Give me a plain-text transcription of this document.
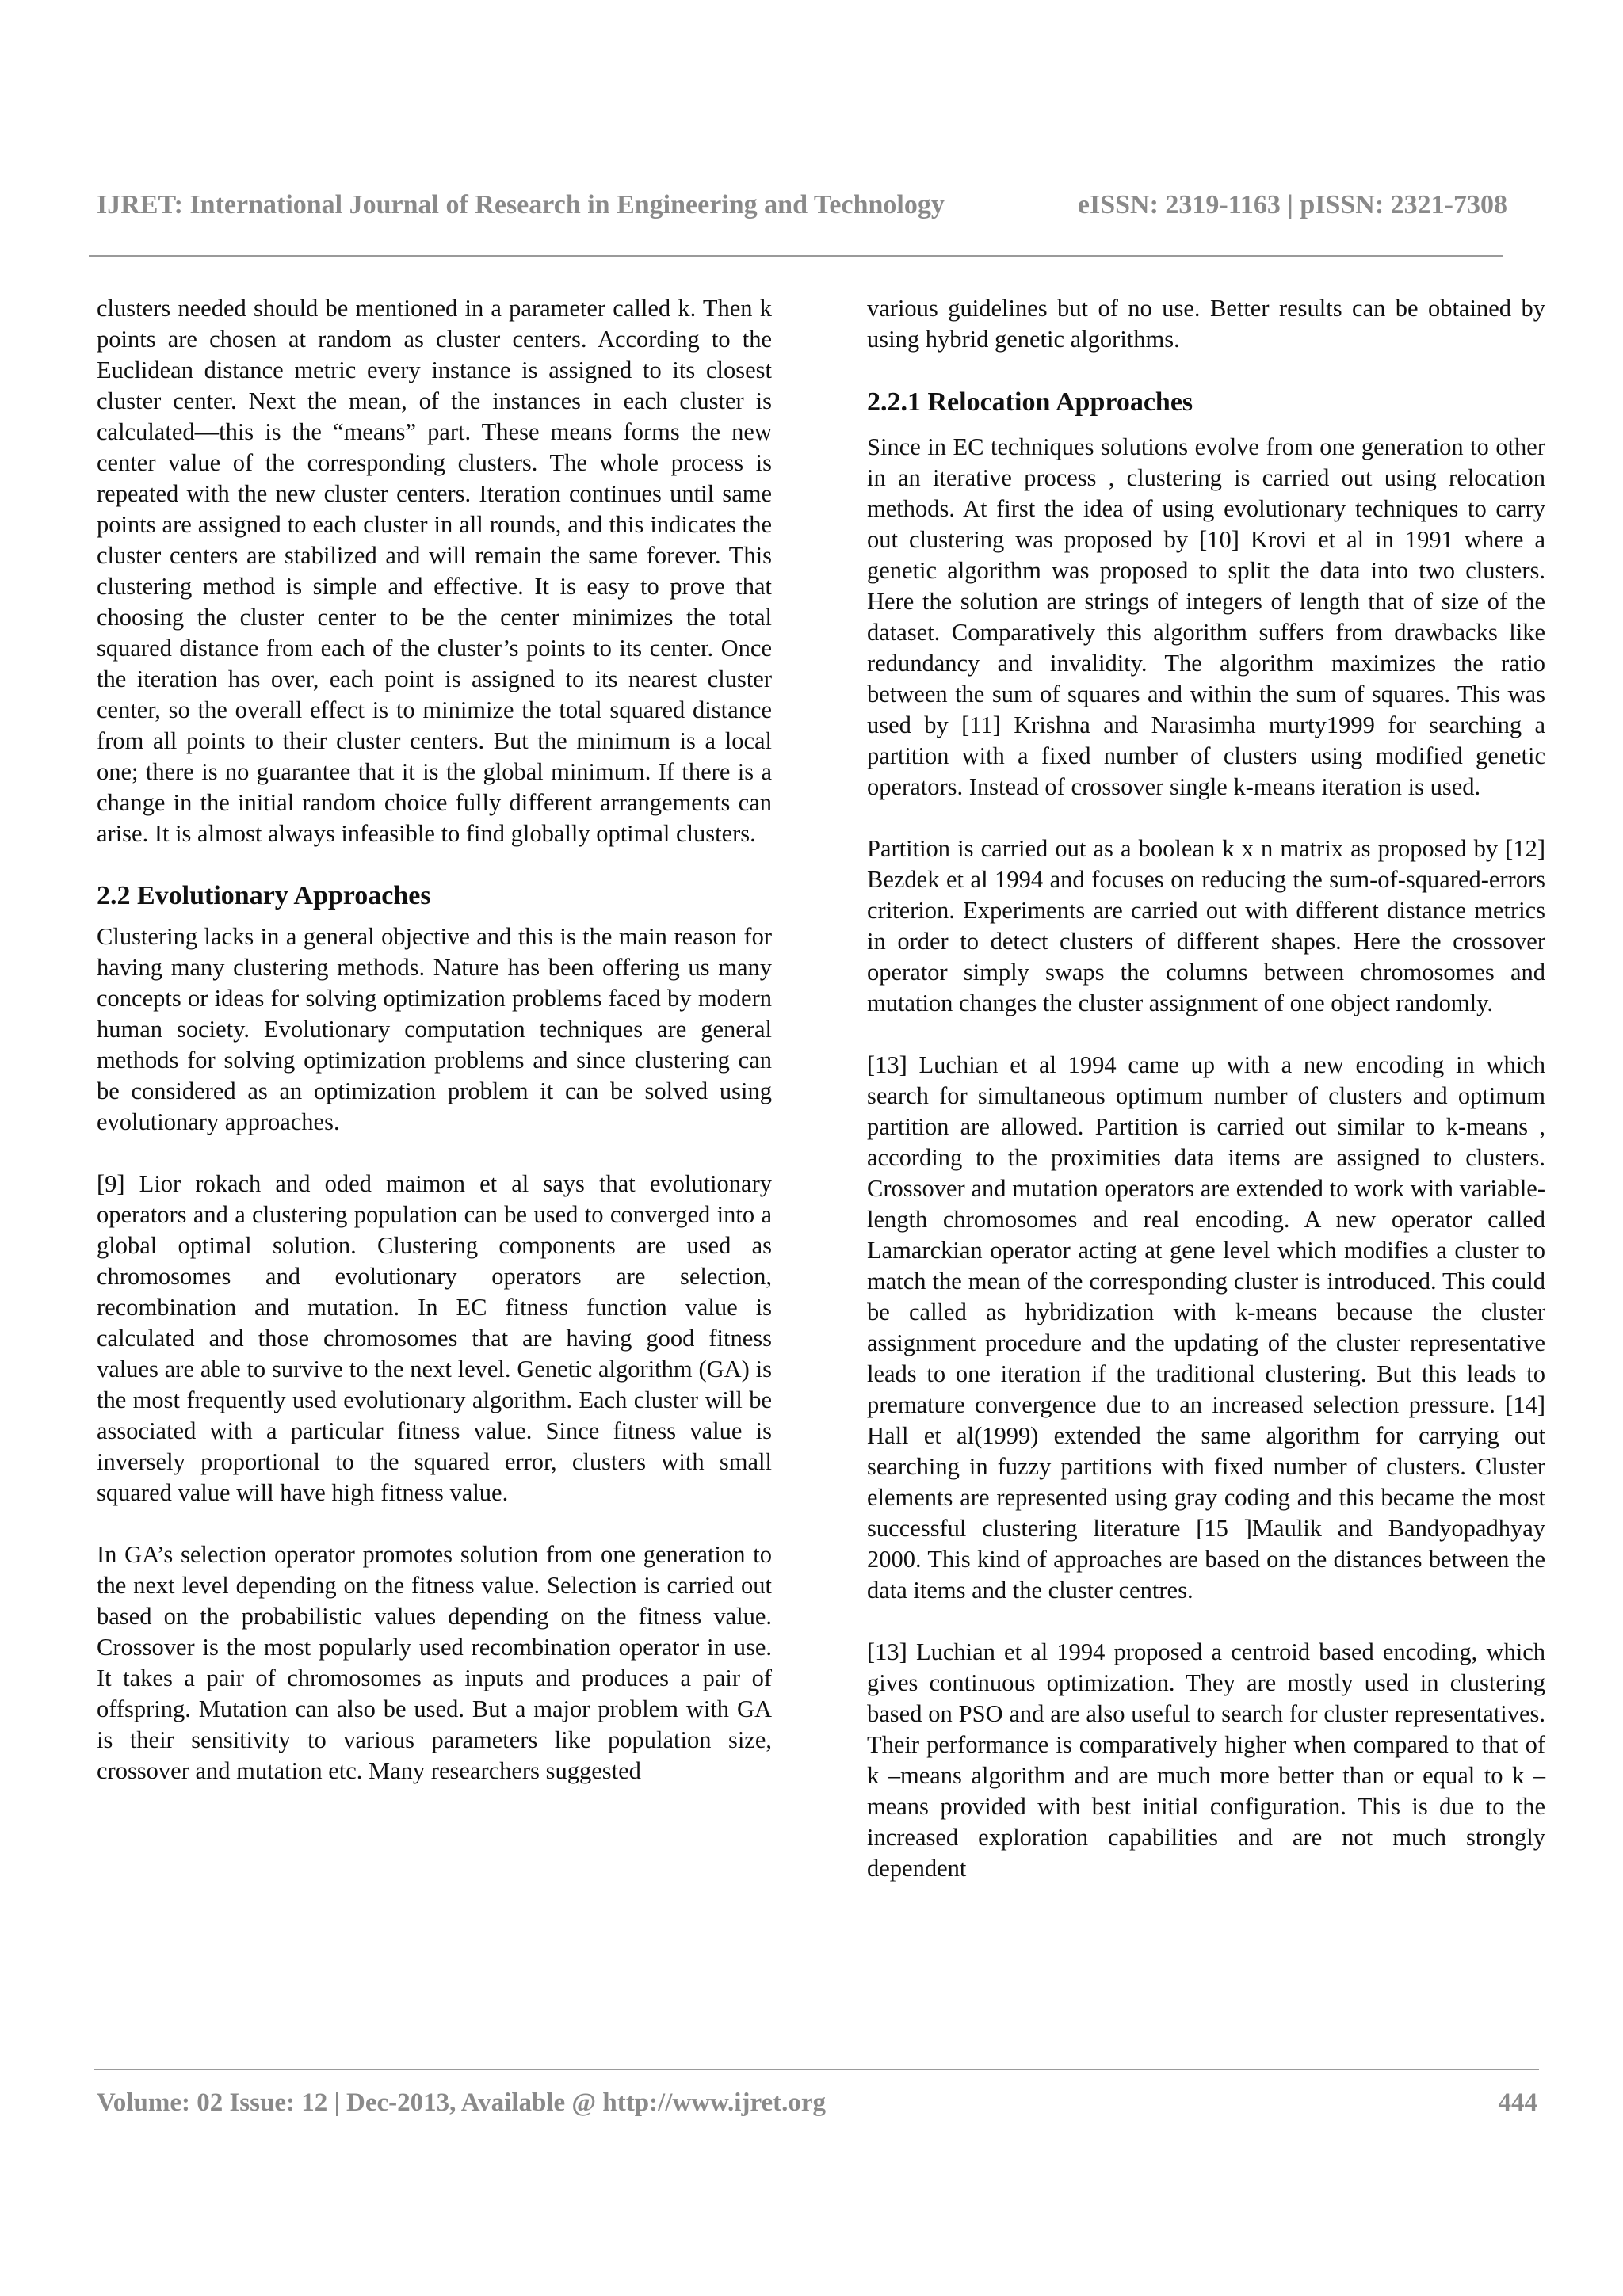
IJRET: International Journal of Research in Engineering and Technology	eISSN: 2319-1163 | pISSN: 2321-7308

clusters needed should be mentioned in a parameter called k. Then k points are chosen at random as cluster centers. According to the Euclidean distance metric every instance is assigned to its closest cluster center. Next the mean, of the instances in each cluster is calculated—this is the “means” part. These means forms the new center value of the corresponding clusters. The whole process is repeated with the new cluster centers. Iteration continues until same points are assigned to each cluster in all rounds, and this indicates the cluster centers are stabilized and will remain the same forever. This clustering method is simple and effective. It is easy to prove that choosing the cluster center to be the center minimizes the total squared distance from each of the cluster’s points to its center. Once the iteration has over, each point is assigned to its nearest cluster center, so the overall effect is to minimize the total squared distance from all points to their cluster centers. But the minimum is a local one; there is no guarantee that it is the global minimum. If there is a change in the initial random choice fully different arrangements can arise. It is almost always infeasible to find globally optimal clusters.

2.2 Evolutionary Approaches

Clustering lacks in a general objective and this is the main reason for having many clustering methods. Nature has been offering us many concepts or ideas for solving optimization problems faced by modern human society. Evolutionary computation techniques are general methods for solving optimization problems and since clustering can be considered as an optimization problem it can be solved using evolutionary approaches.

[9] Lior rokach and oded maimon et al says that evolutionary operators and a clustering population can be used to converged into a global optimal solution. Clustering components are used as chromosomes and evolutionary operators are selection, recombination and mutation. In EC fitness function value is calculated and those chromosomes that are having good fitness values are able to survive to the next level. Genetic algorithm (GA) is the most frequently used evolutionary algorithm. Each cluster will be associated with a particular fitness value. Since fitness value is inversely proportional to the squared error, clusters with small squared value will have high fitness value.

In GA’s selection operator promotes solution from one generation to the next level depending on the fitness value. Selection is carried out based on the probabilistic values depending on the fitness value. Crossover is the most popularly used recombination operator in use. It takes a pair of chromosomes as inputs and produces a pair of offspring. Mutation can also be used. But a major problem with GA is their sensitivity to various parameters like population size, crossover and mutation etc. Many researchers suggested

various guidelines but of no use. Better results can be obtained by using hybrid genetic algorithms.

2.2.1 Relocation Approaches

Since in EC techniques solutions evolve from one generation to other in an iterative process , clustering is carried out using relocation methods. At first the idea of using evolutionary techniques to carry out clustering was proposed by [10] Krovi et al in 1991 where a genetic algorithm was proposed to split the data into two clusters. Here the solution are strings of integers of length that of size of the dataset. Comparatively this algorithm suffers from drawbacks like redundancy and invalidity. The algorithm maximizes the ratio between the sum of squares and within the sum of squares. This was used by [11] Krishna and Narasimha murty1999 for searching a partition with a fixed number of clusters using modified genetic operators. Instead of crossover single k-means iteration is used.

Partition is carried out as a boolean k x n matrix as proposed by [12] Bezdek et al 1994 and focuses on reducing the sum-of-squared-errors criterion. Experiments are carried out with different distance metrics in order to detect clusters of different shapes. Here the crossover operator simply swaps the columns between chromosomes and mutation changes the cluster assignment of one object randomly.

[13] Luchian et al 1994 came up with a new encoding in which search for simultaneous optimum number of clusters and optimum partition are allowed. Partition is carried out similar to k-means , according to the proximities data items are assigned to clusters. Crossover and mutation operators are extended to work with variable-length chromosomes and real encoding. A new operator called Lamarckian operator acting at gene level which modifies a cluster to match the mean of the corresponding cluster is introduced. This could be called as hybridization with k-means because the cluster assignment procedure and the updating of the cluster representative leads to one iteration if the traditional clustering. But this leads to premature convergence due to an increased selection pressure. [14] Hall et al(1999) extended the same algorithm for carrying out searching in fuzzy partitions with fixed number of clusters. Cluster elements are represented using gray coding and this became the most successful clustering literature [15 ]Maulik and Bandyopadhyay 2000. This kind of approaches are based on the distances between the data items and the cluster centres.

[13] Luchian et al 1994 proposed a centroid based encoding, which gives continuous optimization. They are mostly used in clustering based on PSO and are also useful to search for cluster representatives. Their performance is comparatively higher when compared to that of k –means algorithm and are much more better than or equal to k –means provided with best initial configuration. This is due to the increased exploration capabilities and are not much strongly dependent

Volume: 02 Issue: 12 | Dec-2013, Available @ http://www.ijret.org	444
